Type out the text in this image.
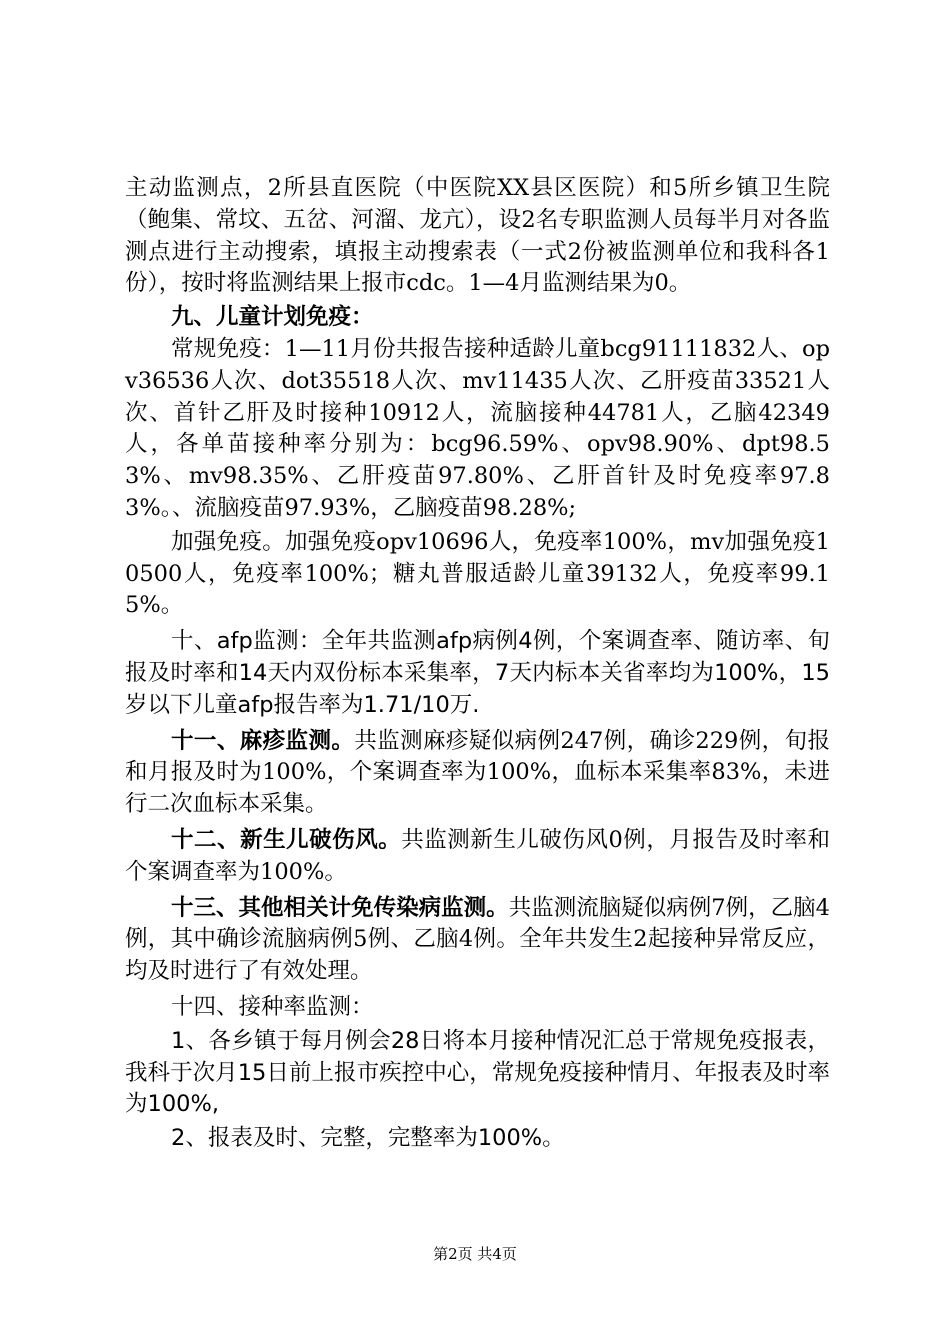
主动监测点，2所县直医院（中医院XX县区医院）和5所乡镇卫生院（鲍集、常坟、五岔、河溜、龙亢），设2名专职监测人员每半月对各监测点进行主动搜索，填报主动搜索表（一式2份被监测单位和我科各1份），按时将监测结果上报市cdc。1—4月监测结果为0。

九、儿童计划免疫：

常规免疫：1—11月份共报告接种适龄儿童bcg91111832人、opv36536人次、dot35518人次、mv11435人次、乙肝疫苗33521人次、首针乙肝及时接种10912人，流脑接种44781人，乙脑42349人，各单苗接种率分别为：bcg96.59%、opv98.90%、dpt98.53%、mv98.35%、乙肝疫苗97.80%、乙肝首针及时免疫率97.83%。、流脑疫苗97.93%，乙脑疫苗98.28%;

加强免疫。加强免疫opv10696人，免疫率100%，mv加强免疫10500人，免疫率100%；糖丸普服适龄儿童39132人，免疫率99.15%。

十、afp监测：全年共监测afp病例4例，个案调查率、随访率、旬报及时率和14天内双份标本采集率，7天内标本关省率均为100%，15岁以下儿童afp报告率为1.71/10万.

十一、麻疹监测。共监测麻疹疑似病例247例，确诊229例，旬报和月报及时为100%，个案调查率为100%，血标本采集率83%，未进行二次血标本采集。

十二、新生儿破伤风。共监测新生儿破伤风0例，月报告及时率和个案调查率为100%。

十三、其他相关计免传染病监测。共监测流脑疑似病例7例，乙脑4例，其中确诊流脑病例5例、乙脑4例。全年共发生2起接种异常反应，均及时进行了有效处理。

十四、接种率监测：

1、各乡镇于每月例会28日将本月接种情况汇总于常规免疫报表，我科于次月15日前上报市疾控中心，常规免疫接种情月、年报表及时率为100%,

2、报表及时、完整，完整率为100%。

第2页 共4页
